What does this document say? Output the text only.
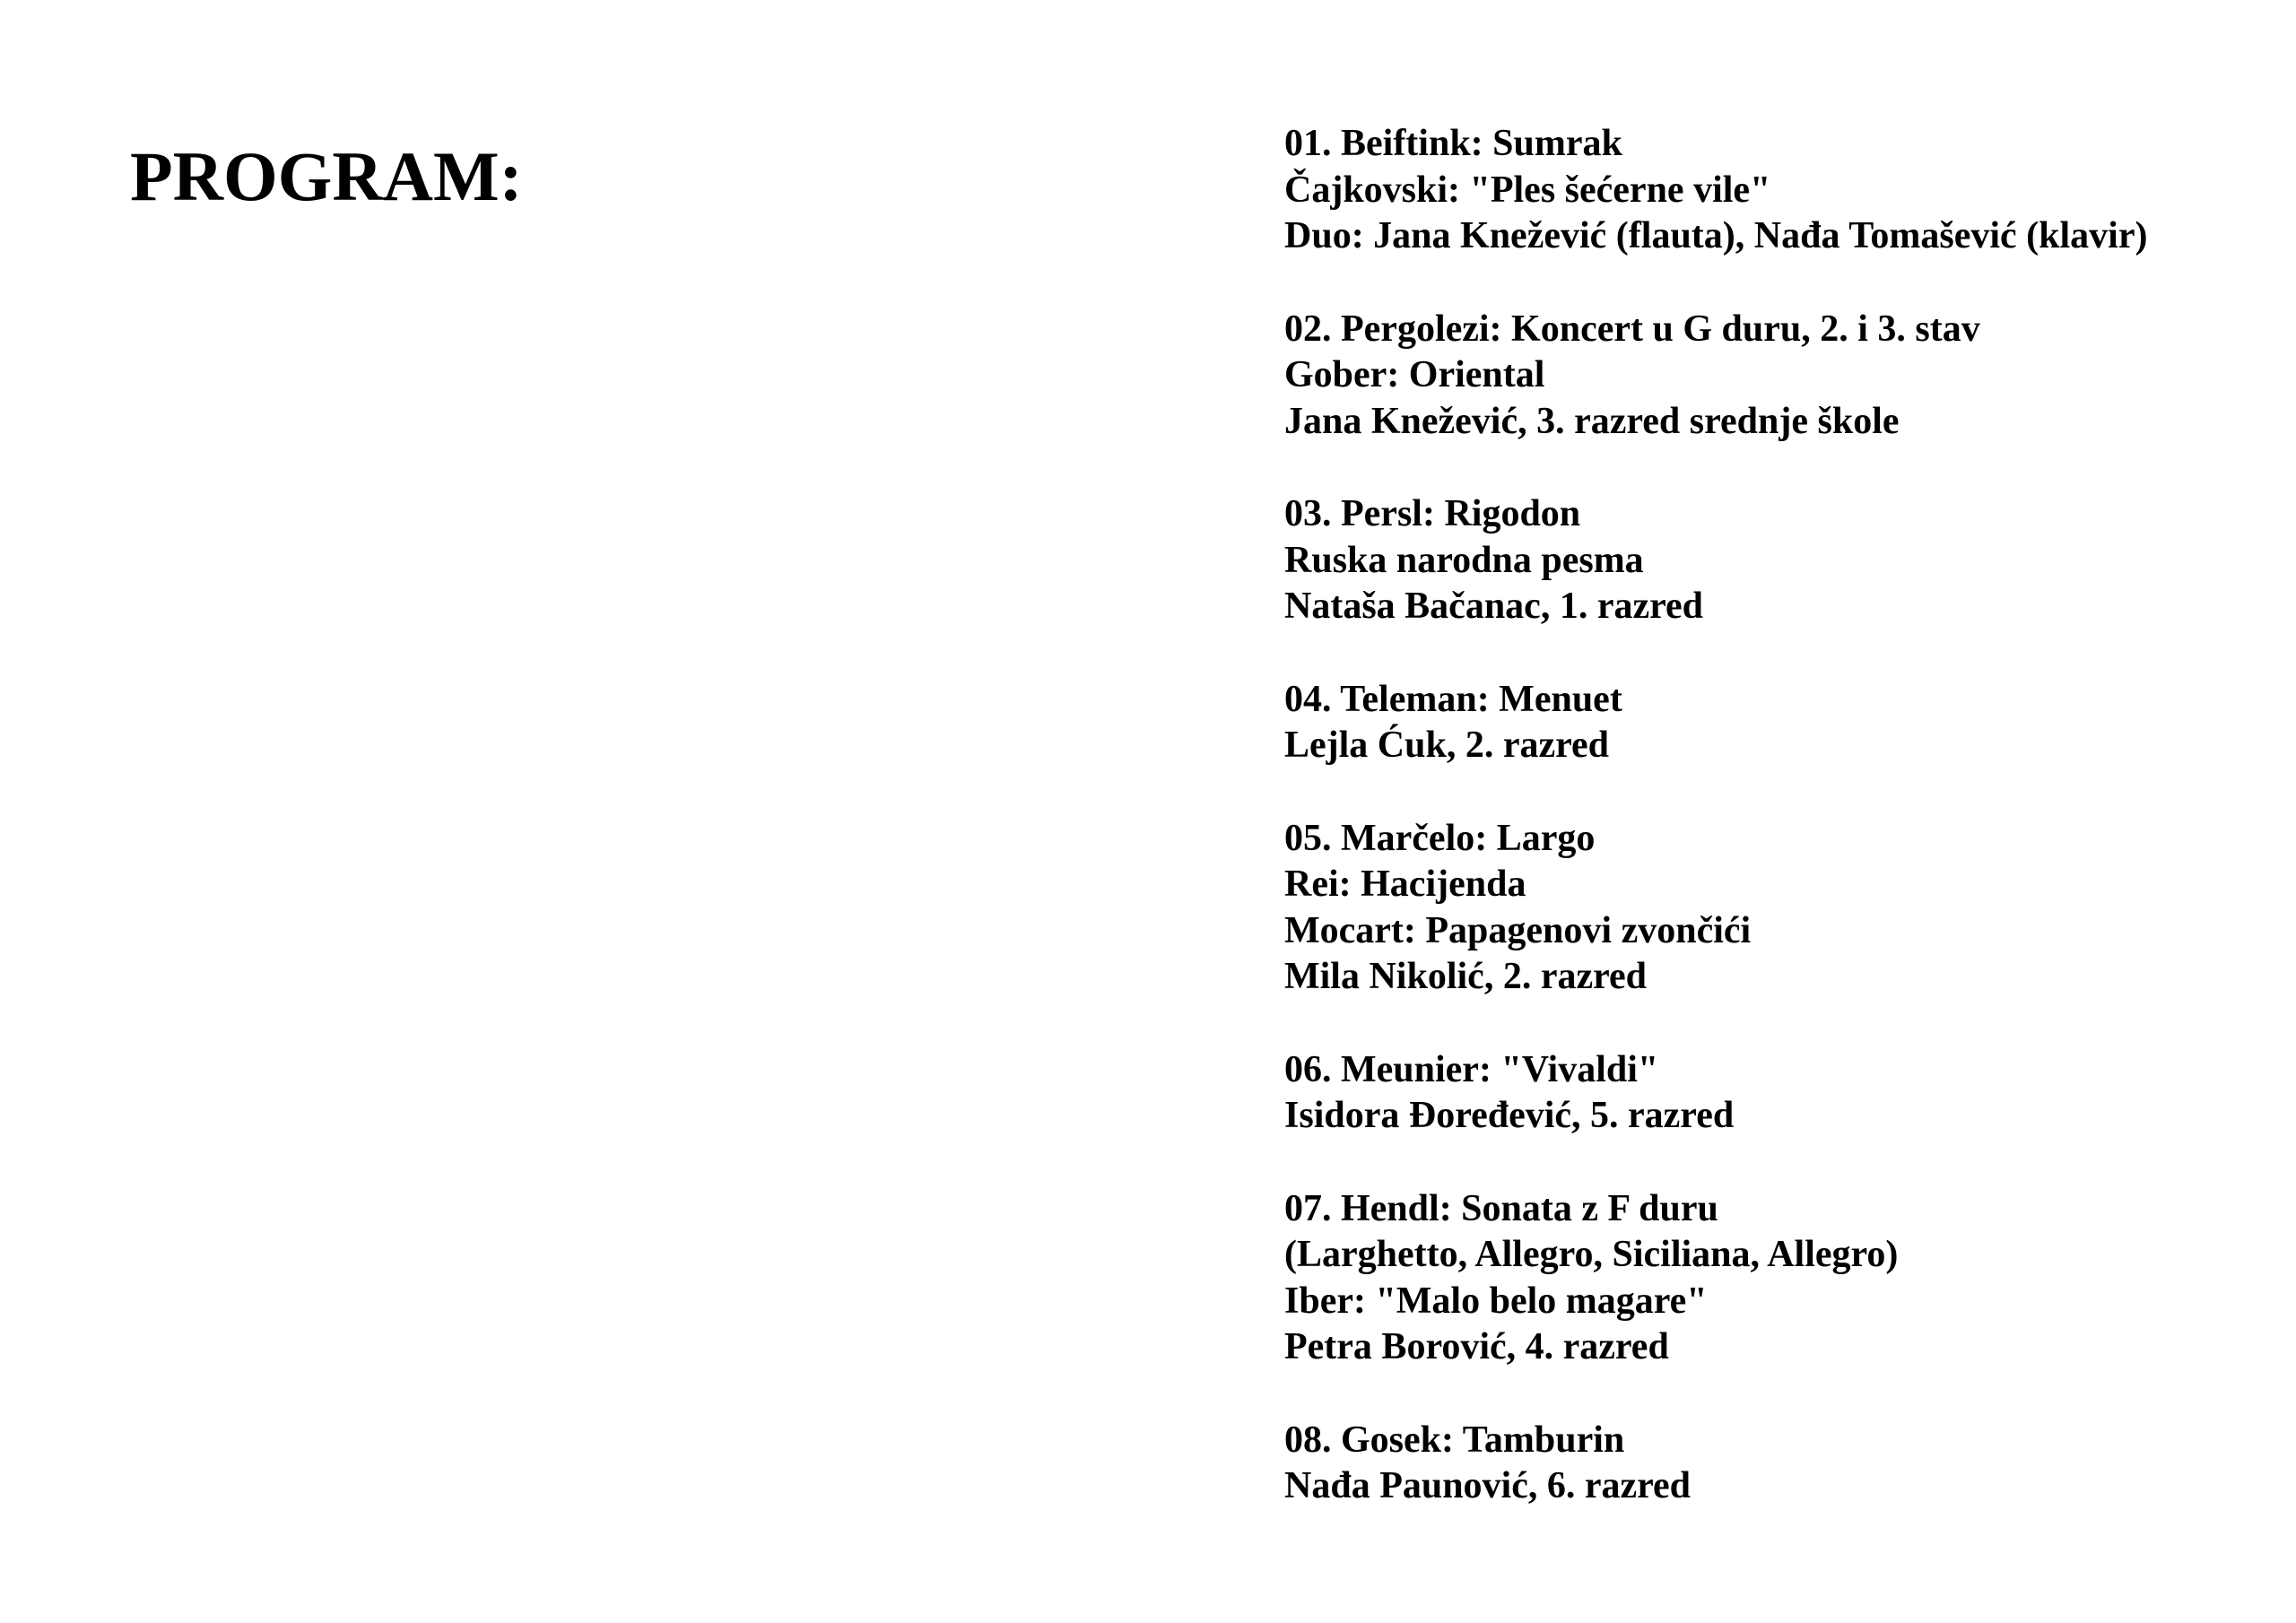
PROGRAM:	01. Beiftink: Sumrak
Čajkovski: "Ples šećerne vile"
Duo: Jana Knežević (flauta), Nađa Tomašević (klavir)
02. Pergolezi: Koncert u G duru, 2. i 3. stav
Gober: Oriental
Jana Knežević, 3. razred srednje škole
03. Persl: Rigodon
Ruska narodna pesma
Nataša Bačanac, 1. razred
04. Teleman: Menuet
Lejla Ćuk, 2. razred
05. Marčelo: Largo
Rei: Hacijenda
Mocart: Papagenovi zvončići
Mila Nikolić, 2. razred
06. Meunier: "Vivaldi"
Isidora Đoređević, 5. razred
07. Hendl: Sonata z F duru
(Larghetto, Allegro, Siciliana, Allegro)
Iber: "Malo belo magare"
Petra Borović, 4. razred
08. Gosek: Tamburin
Nađa Paunović, 6. razred
